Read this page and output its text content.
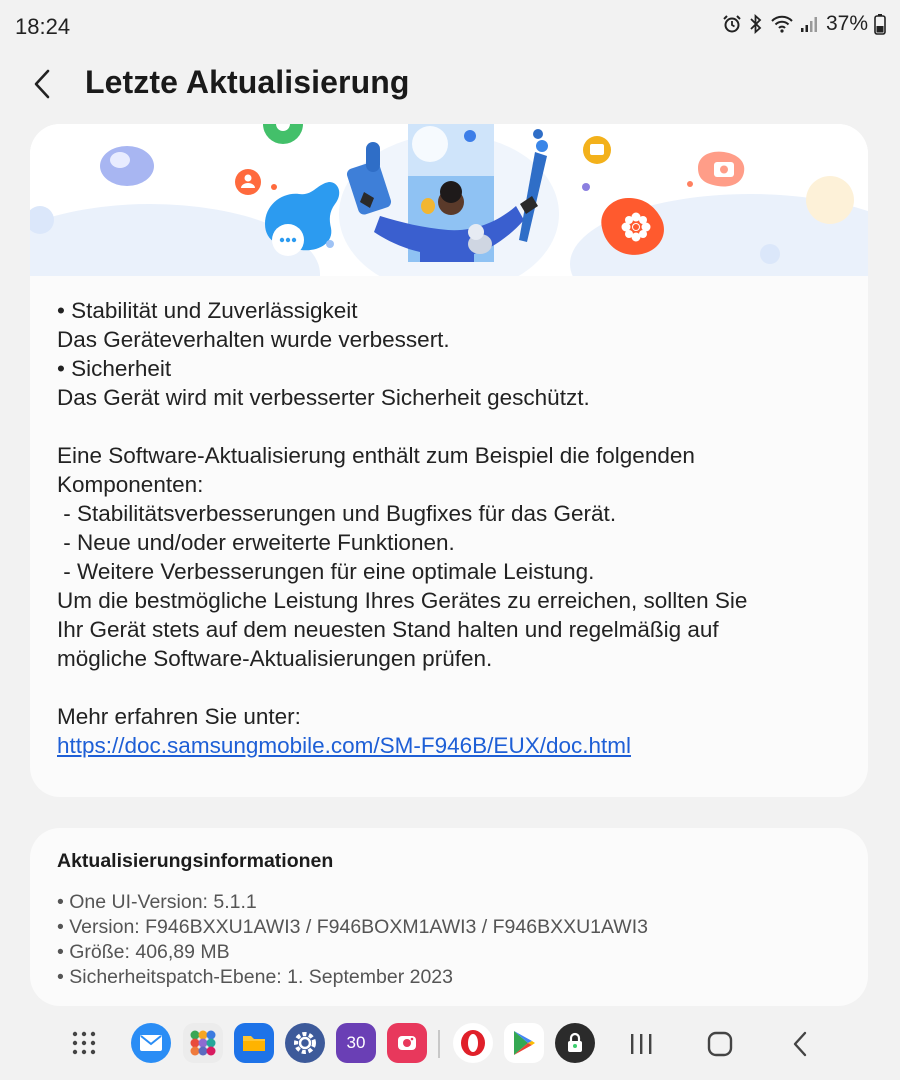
18:24	37%
Letzte Aktualisierung

• Stabilität und Zuverlässigkeit

Das Geräteverhalten wurde verbessert.

• Sicherheit

Das Gerät wird mit verbesserter Sicherheit geschützt.

Eine Software-Aktualisierung enthält zum Beispiel die folgenden

Komponenten:

- Stabilitätsverbesserungen und Bugfixes für das Gerät.

- Neue und/oder erweiterte Funktionen.

- Weitere Verbesserungen für eine optimale Leistung.

Um die bestmögliche Leistung Ihres Gerätes zu erreichen, sollten Sie

Ihr Gerät stets auf dem neuesten Stand halten und regelmäßig auf

mögliche Software-Aktualisierungen prüfen.

Mehr erfahren Sie unter:

https://doc.samsungmobile.com/SM-F946B/EUX/doc.html

Aktualisierungsinformationen
• One UI-Version: 5.1.1
• Version: F946BXXU1AWI3 / F946BOXM1AWI3 / F946BXXU1AWI3
• Größe: 406,89 MB
• Sicherheitspatch-Ebene: 1. September 2023
30
